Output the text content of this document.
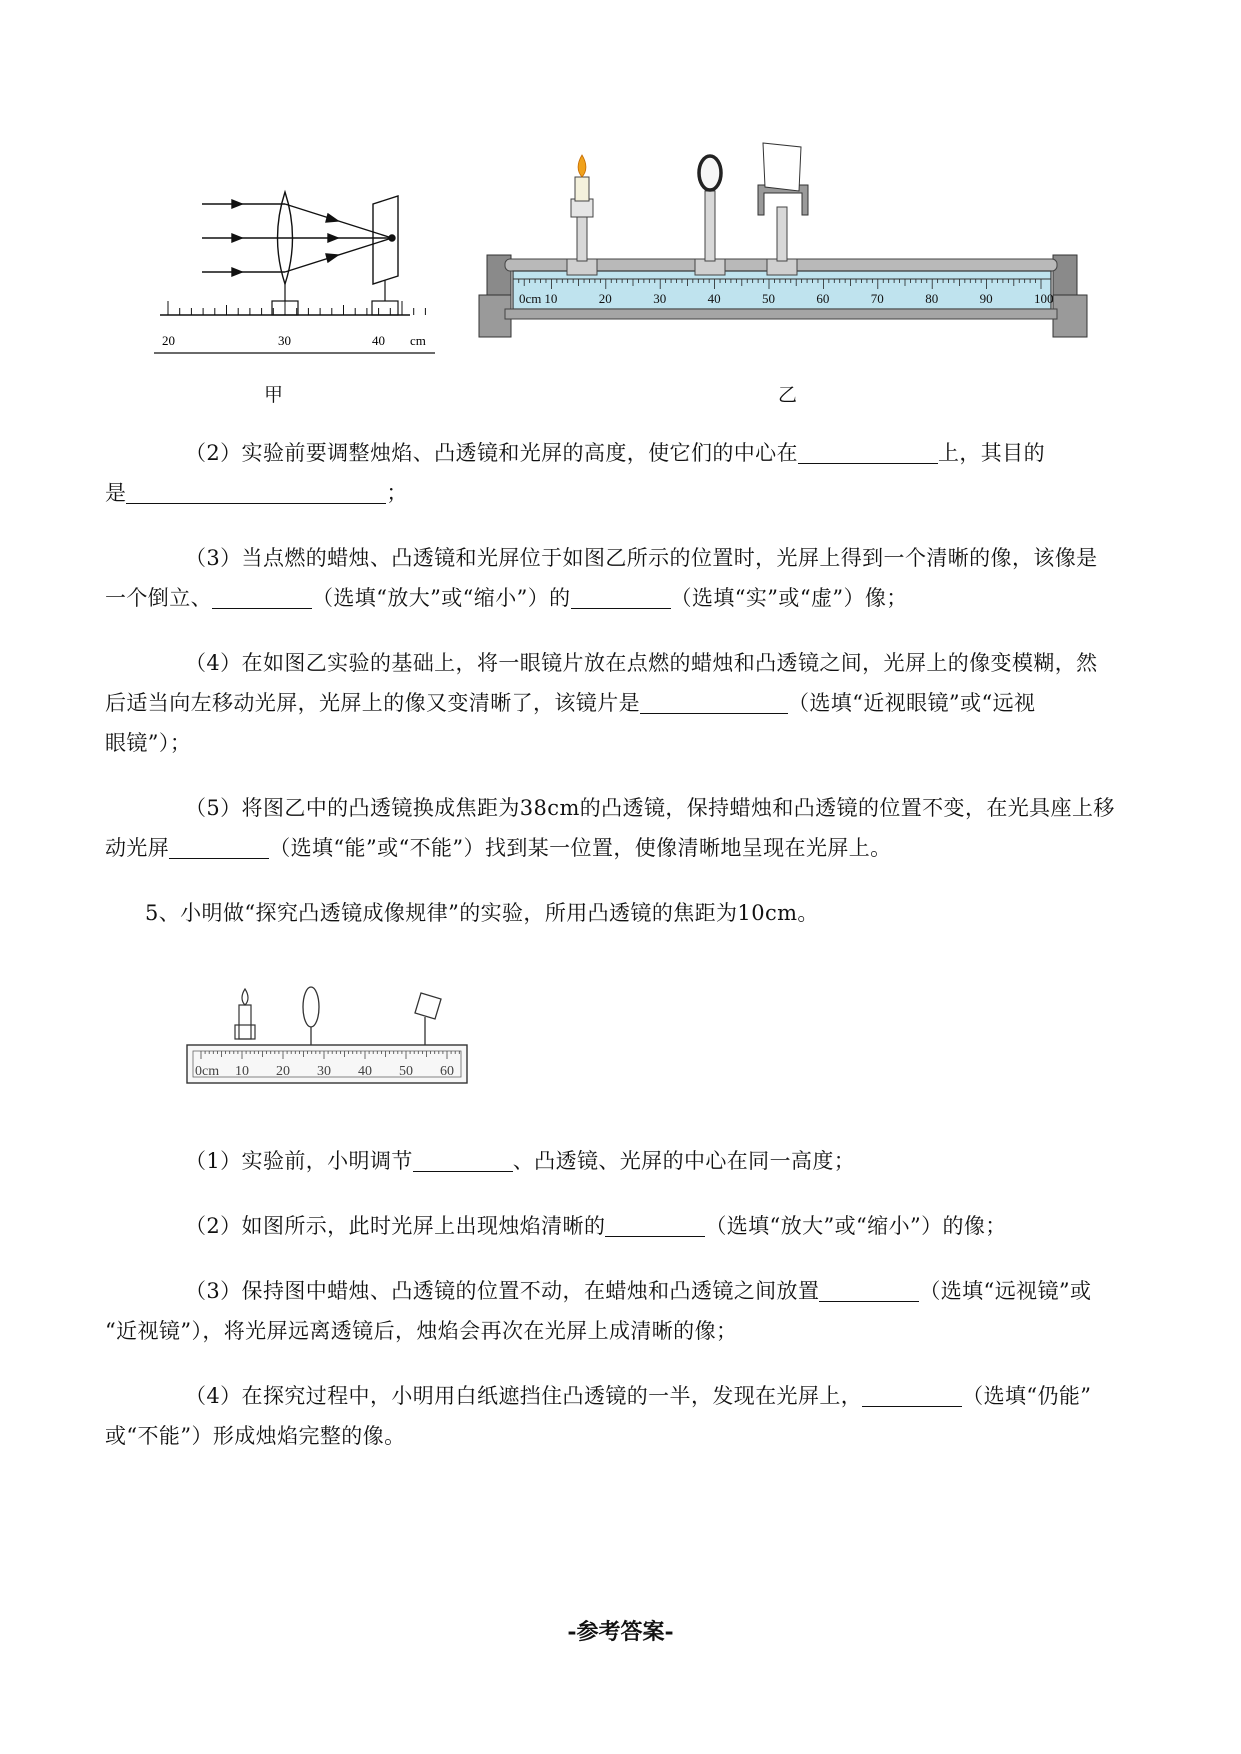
20	30	40 cm
甲
0cm 10	20	30	40	50	60	70	80	90	100
乙
（2）实验前要调整烛焰、凸透镜和光屏的高度，使它们的中心在	上，其目的
是	；
（3）当点燃的蜡烛、凸透镜和光屏位于如图乙所示的位置时，光屏上得到一个清晰的像，该像是
一个倒立、	（选填“放大”或“缩小”）的	（选填“实”或“虚”）像；
（4）在如图乙实验的基础上，将一眼镜片放在点燃的蜡烛和凸透镜之间，光屏上的像变模糊，然
后适当向左移动光屏，光屏上的像又变清晰了，该镜片是	（选填“近视眼镜”或“远视
眼镜”）；
（5）将图乙中的凸透镜换成焦距为38cm的凸透镜，保持蜡烛和凸透镜的位置不变，在光具座上移
动光屏	（选填“能”或“不能”）找到某一位置，使像清晰地呈现在光屏上。
5、小明做“探究凸透镜成像规律”的实验，所用凸透镜的焦距为10cm。
0cm 10 20 30 40 50 60
（1）实验前，小明调节	、凸透镜、光屏的中心在同一高度；
（2）如图所示，此时光屏上出现烛焰清晰的	（选填“放大”或“缩小”）的像；
（3）保持图中蜡烛、凸透镜的位置不动，在蜡烛和凸透镜之间放置	（选填“远视镜”或
“近视镜”），将光屏远离透镜后，烛焰会再次在光屏上成清晰的像；
（4）在探究过程中，小明用白纸遮挡住凸透镜的一半，发现在光屏上，	（选填“仍能”
或“不能”）形成烛焰完整的像。
-参考答案-
